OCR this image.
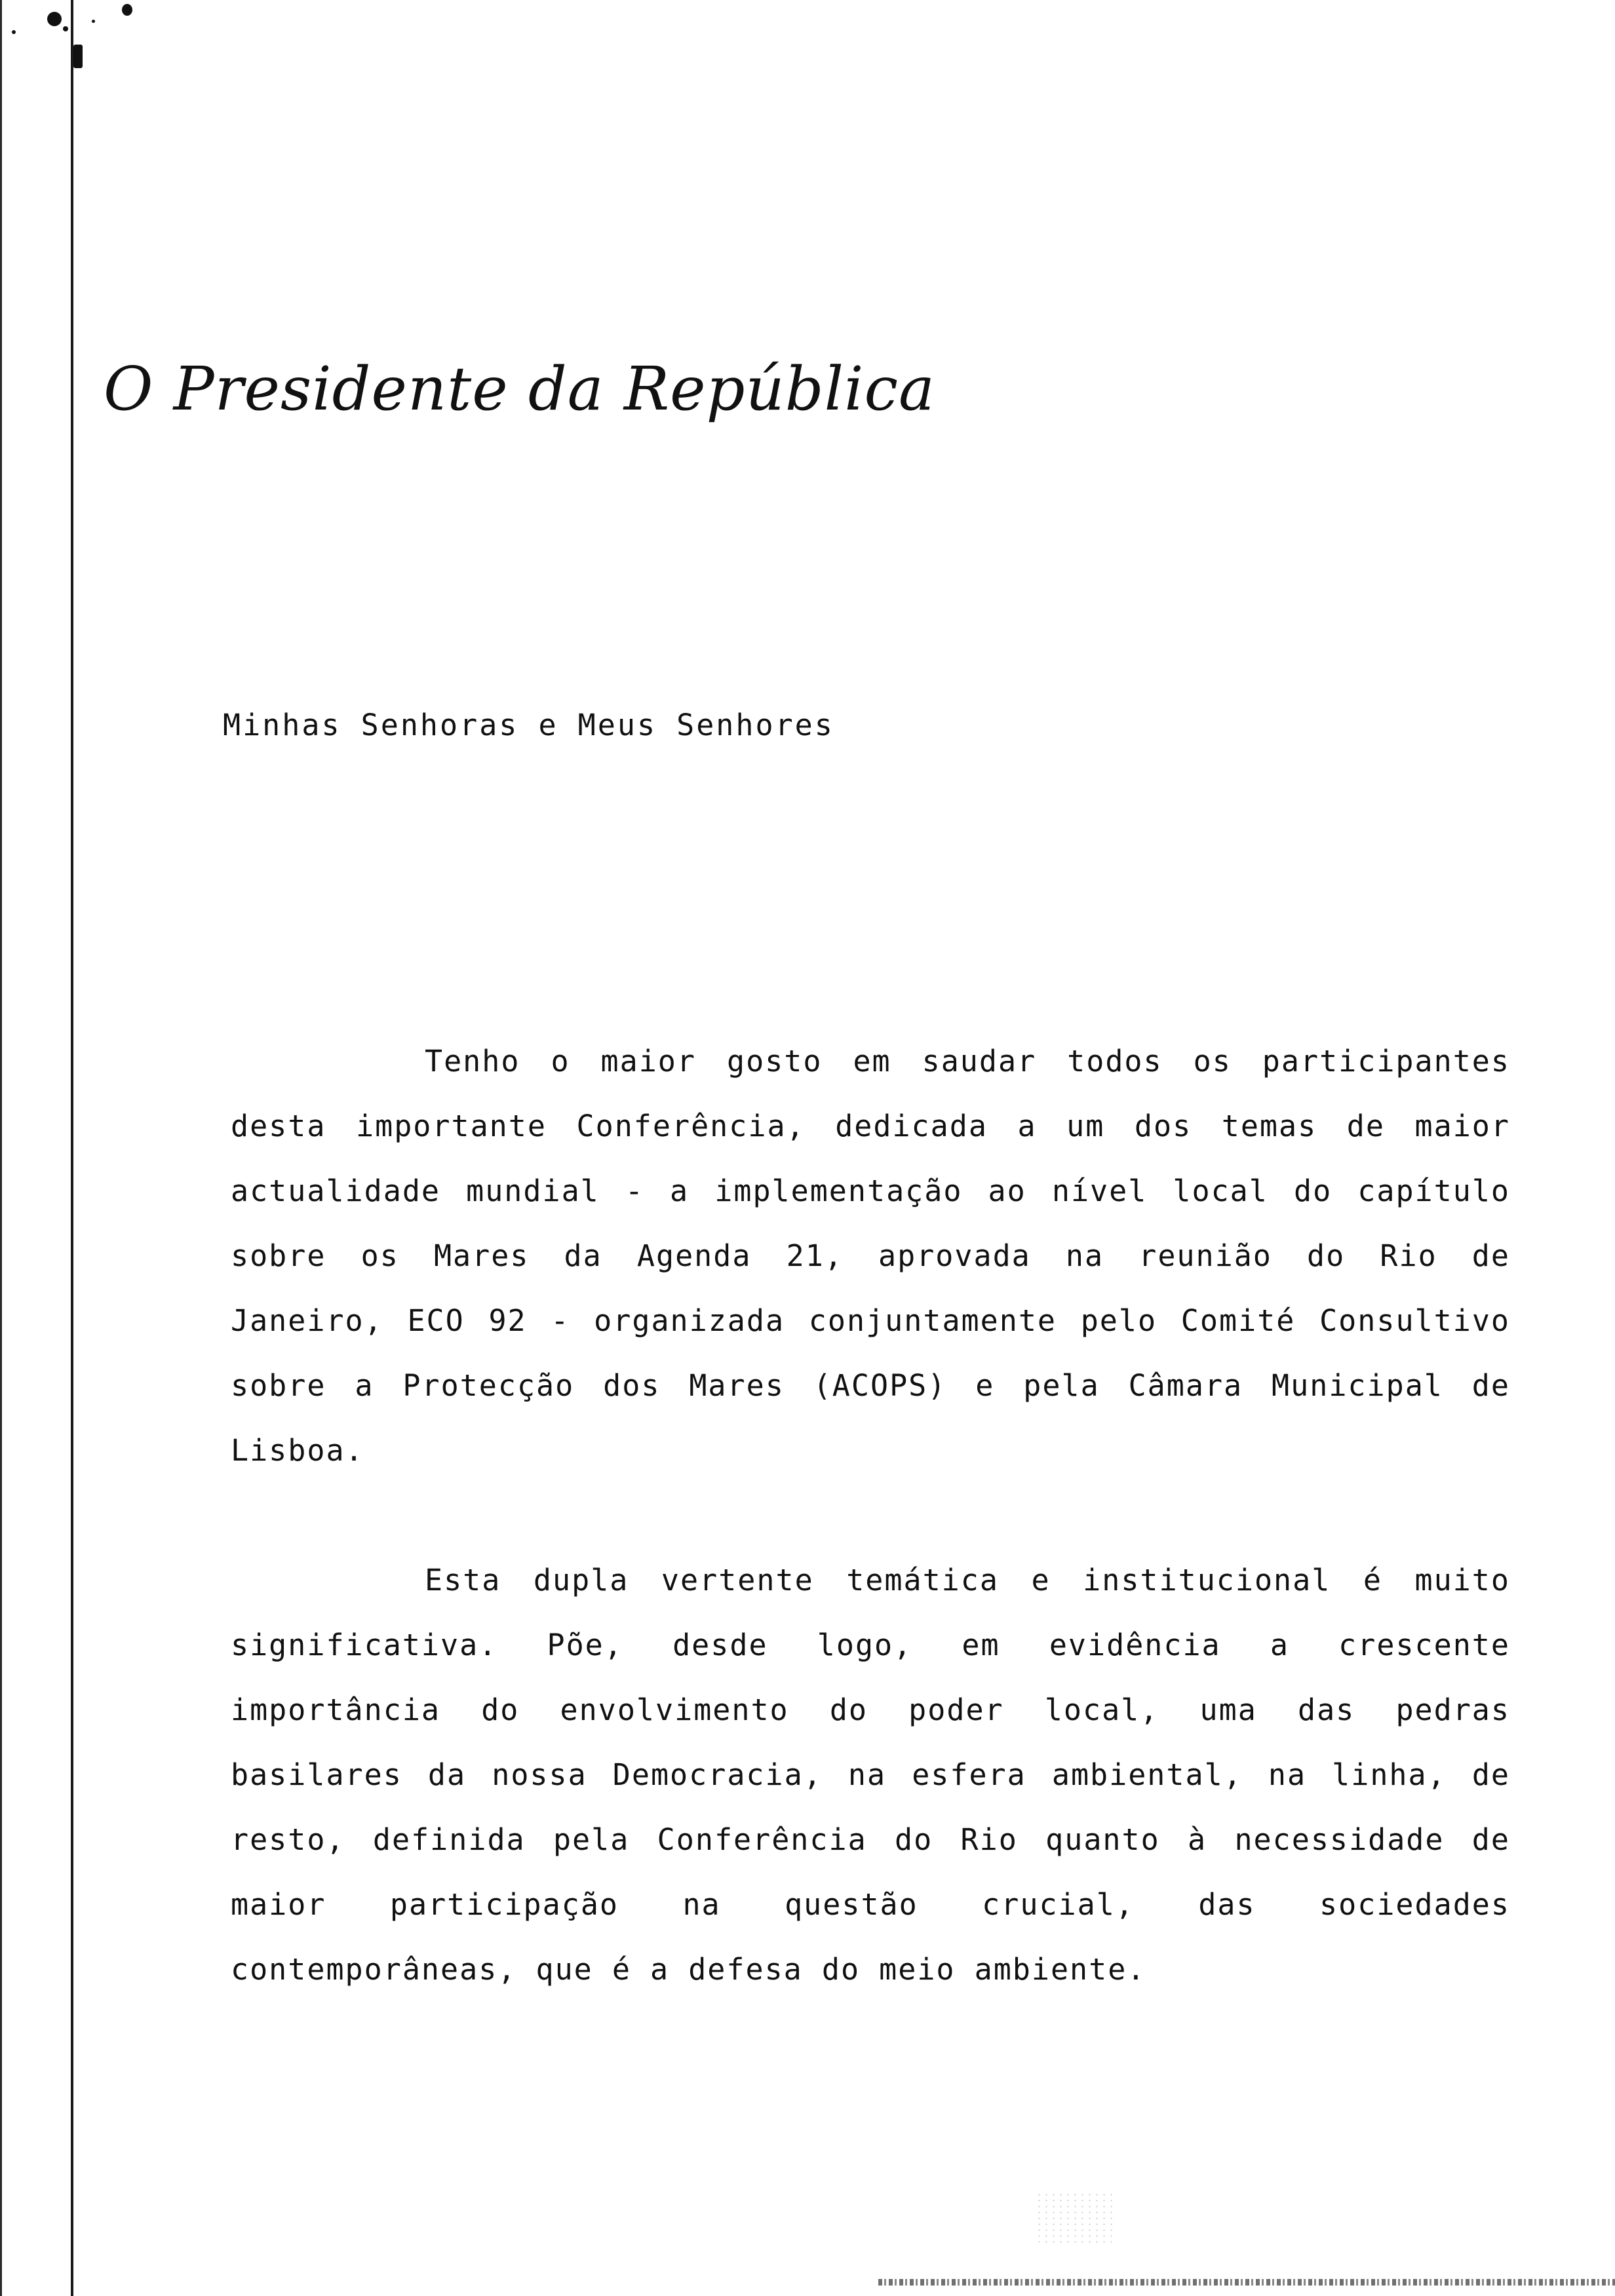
O Presidente da República
Minhas Senhoras e Meus Senhores
Tenho o maior gosto em saudar todos os participantes
desta importante Conferência, dedicada a um dos temas de maior
actualidade mundial - a implementação ao nível local do capítulo
sobre os Mares da Agenda 21, aprovada na reunião do Rio de
Janeiro, ECO 92 - organizada conjuntamente pelo Comité Consultivo
sobre a Protecção dos Mares (ACOPS) e pela Câmara Municipal de
Lisboa.
Esta dupla vertente temática e institucional é muito
significativa. Põe, desde logo, em evidência a crescente
importância do envolvimento do poder local, uma das pedras
basilares da nossa Democracia, na esfera ambiental, na linha, de
resto, definida pela Conferência do Rio quanto à necessidade de
maior participação na questão crucial, das sociedades
contemporâneas, que é a defesa do meio ambiente.
